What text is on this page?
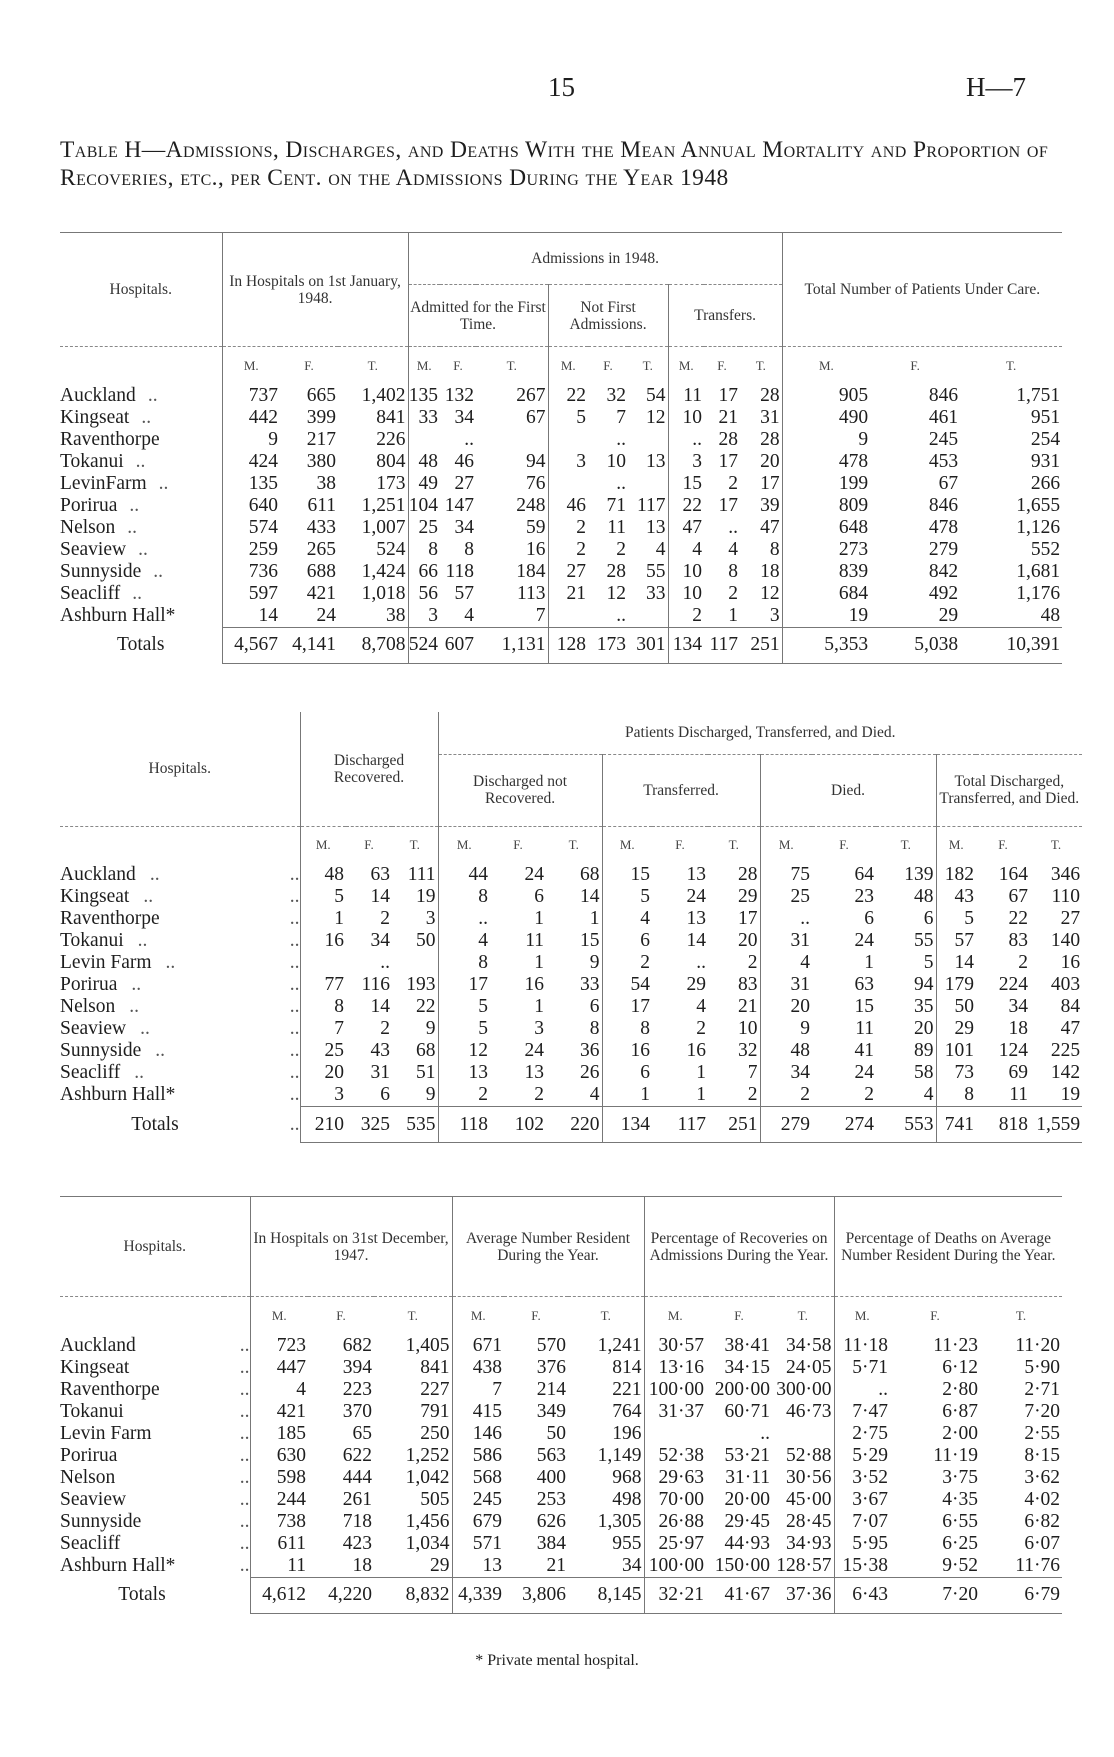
15	H—7
Table H—Admissions, Discharges, and Deaths With the Mean Annual Mortality and Proportion of Recoveries, etc., per Cent. on the Admissions During the Year 1948
Hospitals.	In Hospitals on 1st January, 1948.			Admissions in 1948.									Total Number of Patients Under Care.		
				Admitted for the First Time.			Not First Admissions.			Transfers.					
	M.	F.	T.	M.	F.	T.	M.	F.	T.	M.	F.	T.	M.	F.	T.
Auckland ..	737	665	1,402	135	132	267	22	32	54	11	17	28	905	846	1,751
Kingseat ..	442	399	841	33	34	67	5	7	12	10	21	31	490	461	951
Raventhorpe	9	217	226		..			..		..	28	28	9	245	254
Tokanui ..	424	380	804	48	46	94	3	10	13	3	17	20	478	453	931
LevinFarm ..	135	38	173	49	27	76		..		15	2	17	199	67	266
Porirua ..	640	611	1,251	104	147	248	46	71	117	22	17	39	809	846	1,655
Nelson ..	574	433	1,007	25	34	59	2	11	13	47	..	47	648	478	1,126
Seaview ..	259	265	524	8	8	16	2	2	4	4	4	8	273	279	552
Sunnyside ..	736	688	1,424	66	118	184	27	28	55	10	8	18	839	842	1,681
Seacliff ..	597	421	1,018	56	57	113	21	12	33	10	2	12	684	492	1,176
Ashburn Hall*	14	24	38	3	4	7		..		2	1	3	19	29	48
Totals	4,567	4,141	8,708	524	607	1,131	128	173	301	134	117	251	5,353	5,038	10,391
Hospitals.		Discharged Recovered.			Patients Discharged, Transferred, and Died.											
					Discharged not Recovered.			Transferred.			Died.			Total Discharged, Transferred, and Died.		
		M.	F.	T.	M.	F.	T.	M.	F.	T.	M.	F.	T.	M.	F.	T.
Auckland ..	..	48	63	111	44	24	68	15	13	28	75	64	139	182	164	346
Kingseat ..	..	5	14	19	8	6	14	5	24	29	25	23	48	43	67	110
Raventhorpe	..	1	2	3	..	1	1	4	13	17	..	6	6	5	22	27
Tokanui ..	..	16	34	50	4	11	15	6	14	20	31	24	55	57	83	140
Levin Farm ..	..		..		8	1	9	2	..	2	4	1	5	14	2	16
Porirua ..	..	77	116	193	17	16	33	54	29	83	31	63	94	179	224	403
Nelson ..	..	8	14	22	5	1	6	17	4	21	20	15	35	50	34	84
Seaview ..	..	7	2	9	5	3	8	8	2	10	9	11	20	29	18	47
Sunnyside ..	..	25	43	68	12	24	36	16	16	32	48	41	89	101	124	225
Seacliff ..	..	20	31	51	13	13	26	6	1	7	34	24	58	73	69	142
Ashburn Hall*	..	3	6	9	2	2	4	1	1	2	2	2	4	8	11	19
Totals	..	210	325	535	118	102	220	134	117	251	279	274	553	741	818	1,559
Hospitals.		In Hospitals on 31st December, 1947.			Average Number Resident During the Year.			Percentage of Recoveries on Admissions During the Year.			Percentage of Deaths on Average Number Resident During the Year.		
		M.	F.	T.	M.	F.	T.	M.	F.	T.	M.	F.	T.
Auckland	..	723	682	1,405	671	570	1,241	30·57	38·41	34·58	11·18	11·23	11·20
Kingseat	..	447	394	841	438	376	814	13·16	34·15	24·05	5·71	6·12	5·90
Raventhorpe	..	4	223	227	7	214	221	100·00	200·00	300·00	..	2·80	2·71
Tokanui	..	421	370	791	415	349	764	31·37	60·71	46·73	7·47	6·87	7·20
Levin Farm	..	185	65	250	146	50	196		..		2·75	2·00	2·55
Porirua	..	630	622	1,252	586	563	1,149	52·38	53·21	52·88	5·29	11·19	8·15
Nelson	..	598	444	1,042	568	400	968	29·63	31·11	30·56	3·52	3·75	3·62
Seaview	..	244	261	505	245	253	498	70·00	20·00	45·00	3·67	4·35	4·02
Sunnyside	..	738	718	1,456	679	626	1,305	26·88	29·45	28·45	7·07	6·55	6·82
Seacliff	..	611	423	1,034	571	384	955	25·97	44·93	34·93	5·95	6·25	6·07
Ashburn Hall*	..	11	18	29	13	21	34	100·00	150·00	128·57	15·38	9·52	11·76
Totals		4,612	4,220	8,832	4,339	3,806	8,145	32·21	41·67	37·36	6·43	7·20	6·79
* Private mental hospital.
